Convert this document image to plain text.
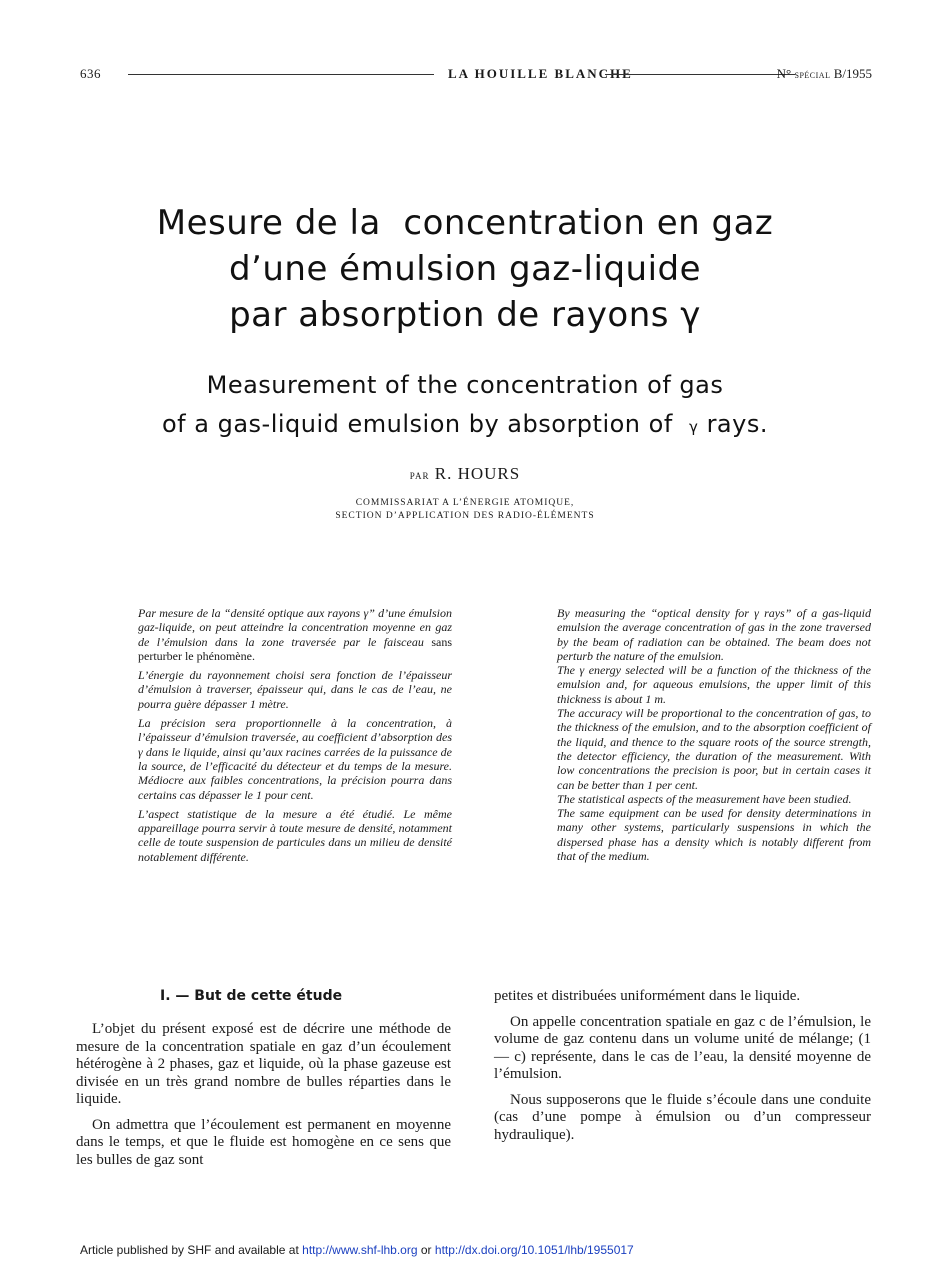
636	LA HOUILLE BLANCHE	N° spécial B/1955
Mesure de la  concentration en gaz
d’une émulsion gaz-liquide
par absorption de rayons γ
Measurement of the concentration of gas
of a gas-liquid emulsion by absorption of γ rays.
par R. HOURS
COMMISSARIAT A L’ÉNERGIE ATOMIQUE,
SECTION D’APPLICATION DES RADIO-ÉLÉMENTS

Par mesure de la “densité optique aux rayons γ” d’une émulsion gaz-liquide, on peut atteindre la concentration moyenne en gaz de l’émulsion dans la zone traversée par le faisceau sans perturber le phénomène.

L’énergie du rayonnement choisi sera fonction de l’épaisseur d’émulsion à traverser, épaisseur qui, dans le cas de l’eau, ne pourra guère dépasser 1 mètre.

La précision sera proportionnelle à la concentration, à l’épaisseur d’émulsion traversée, au coefficient d’absorption des γ dans le liquide, ainsi qu’aux racines carrées de la puissance de la source, de l’efficacité du détecteur et du temps de la mesure. Médiocre aux faibles concentrations, la précision pourra dans certains cas dépasser le 1 pour cent.

L’aspect statistique de la mesure a été étudié. Le même appareillage pourra servir à toute mesure de densité, notamment celle de toute suspension de particules dans un milieu de densité notablement différente.

By measuring the “optical density for γ rays” of a gas-liquid emulsion the average concentration of gas in the zone traversed by the beam of radiation can be obtained. The beam does not perturb the nature of the emulsion.

The γ energy selected will be a function of the thickness of the emulsion and, for aqueous emulsions, the upper limit of this thickness is about 1 m.

The accuracy will be proportional to the concentration of gas, to the thickness of the emulsion, and to the absorption coefficient of the liquid, and thence to the square roots of the source strength, the detector efficiency, the duration of the measurement. With low concentrations the precision is poor, but in certain cases it can be better than 1 per cent.

The statistical aspects of the measurement have been studied.

The same equipment can be used for density determinations in many other systems, particularly suspensions in which the dispersed phase has a density which is notably different from that of the medium.

I. — But de cette étude

L’objet du présent exposé est de décrire une méthode de mesure de la concentration spatiale en gaz d’un écoulement hétérogène à 2 phases, gaz et liquide, où la phase gazeuse est divisée en un très grand nombre de bulles réparties dans le liquide.

On admettra que l’écoulement est permanent en moyenne dans le temps, et que le fluide est homogène en ce sens que les bulles de gaz sont

petites et distribuées uniformément dans le liquide.

On appelle concentration spatiale en gaz c de l’émulsion, le volume de gaz contenu dans un volume unité de mélange; (1 — c) représente, dans le cas de l’eau, la densité moyenne de l’émulsion.

Nous supposerons que le fluide s’écoule dans une conduite (cas d’une pompe à émulsion ou d’un compresseur hydraulique).

Article published by SHF and available at http://www.shf-lhb.org or http://dx.doi.org/10.1051/lhb/1955017
